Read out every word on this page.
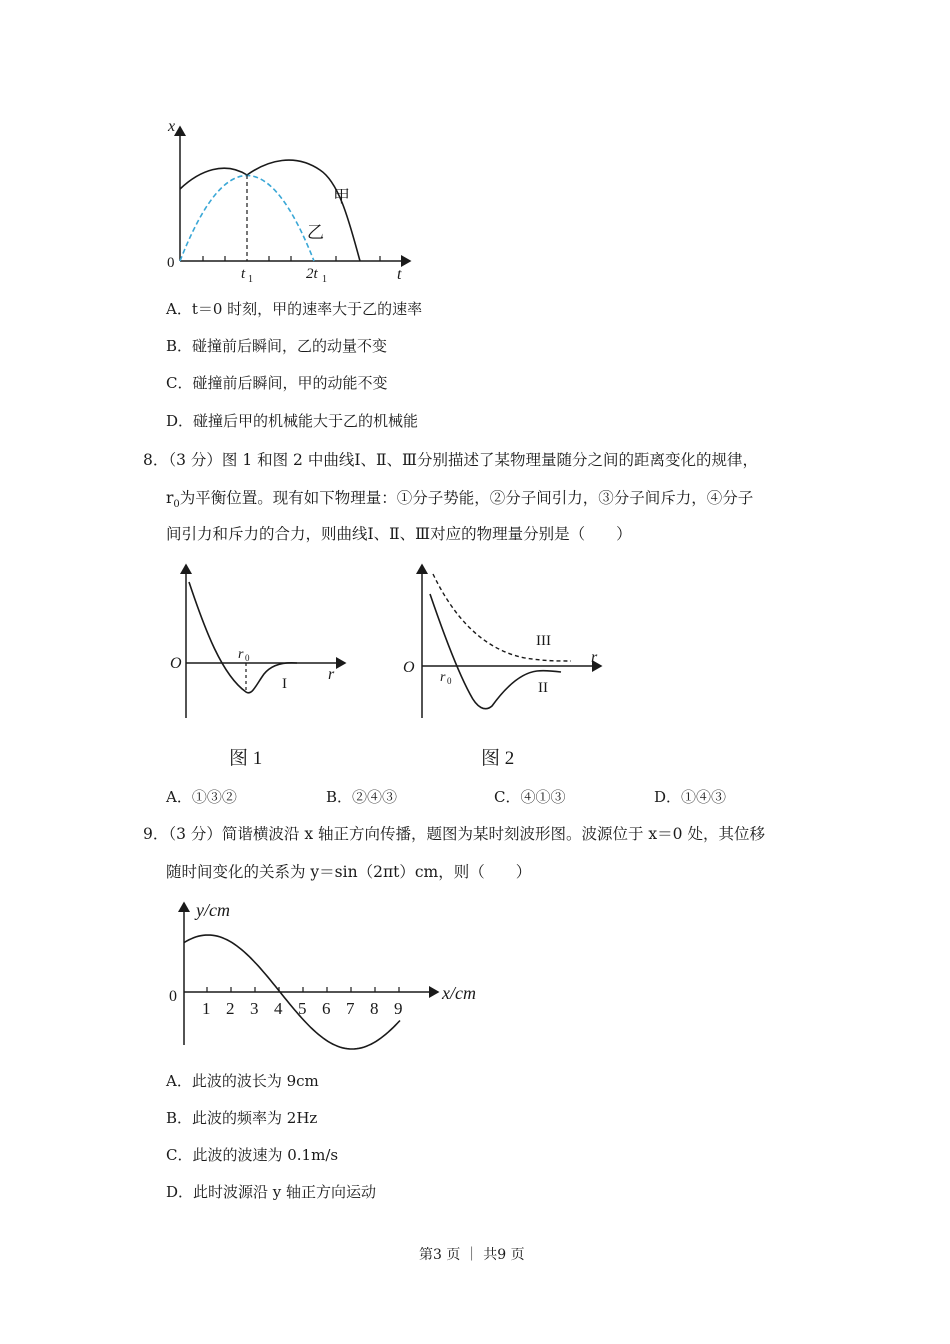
x
t
0
t 1	2t 1
甲
乙
A．t＝0 时刻，甲的速率大于乙的速率
B．碰撞前后瞬间，乙的动量不变
C．碰撞前后瞬间，甲的动能不变
D．碰撞后甲的机械能大于乙的机械能
8．（3 分）图 1 和图 2 中曲线Ⅰ、Ⅱ、Ⅲ分别描述了某物理量随分之间的距离变化的规律，
$r_0$为平衡位置。现有如下物理量：①分子势能，②分子间引力，③分子间斥力，④分子
间引力和斥力的合力，则曲线Ⅰ、Ⅱ、Ⅲ对应的物理量分别是（　　）
O
r 0
r
I
图 1
O
r 0
r
III
II
图 2
A．①③②	B．②④③	C．④①③	D．①④③
9．（3 分）简谐横波沿 x 轴正方向传播，题图为某时刻波形图。波源位于 x＝0 处，其位移
随时间变化的关系为 y＝sin（2πt）cm，则（　　）
1 2 3 4 5 6 7 8 9
y/cm
x/cm
0
A．此波的波长为 9cm
B．此波的频率为 2Hz
C．此波的波速为 0.1m/s
D．此时波源沿 y 轴正方向运动
第3 页 ｜ 共9 页
